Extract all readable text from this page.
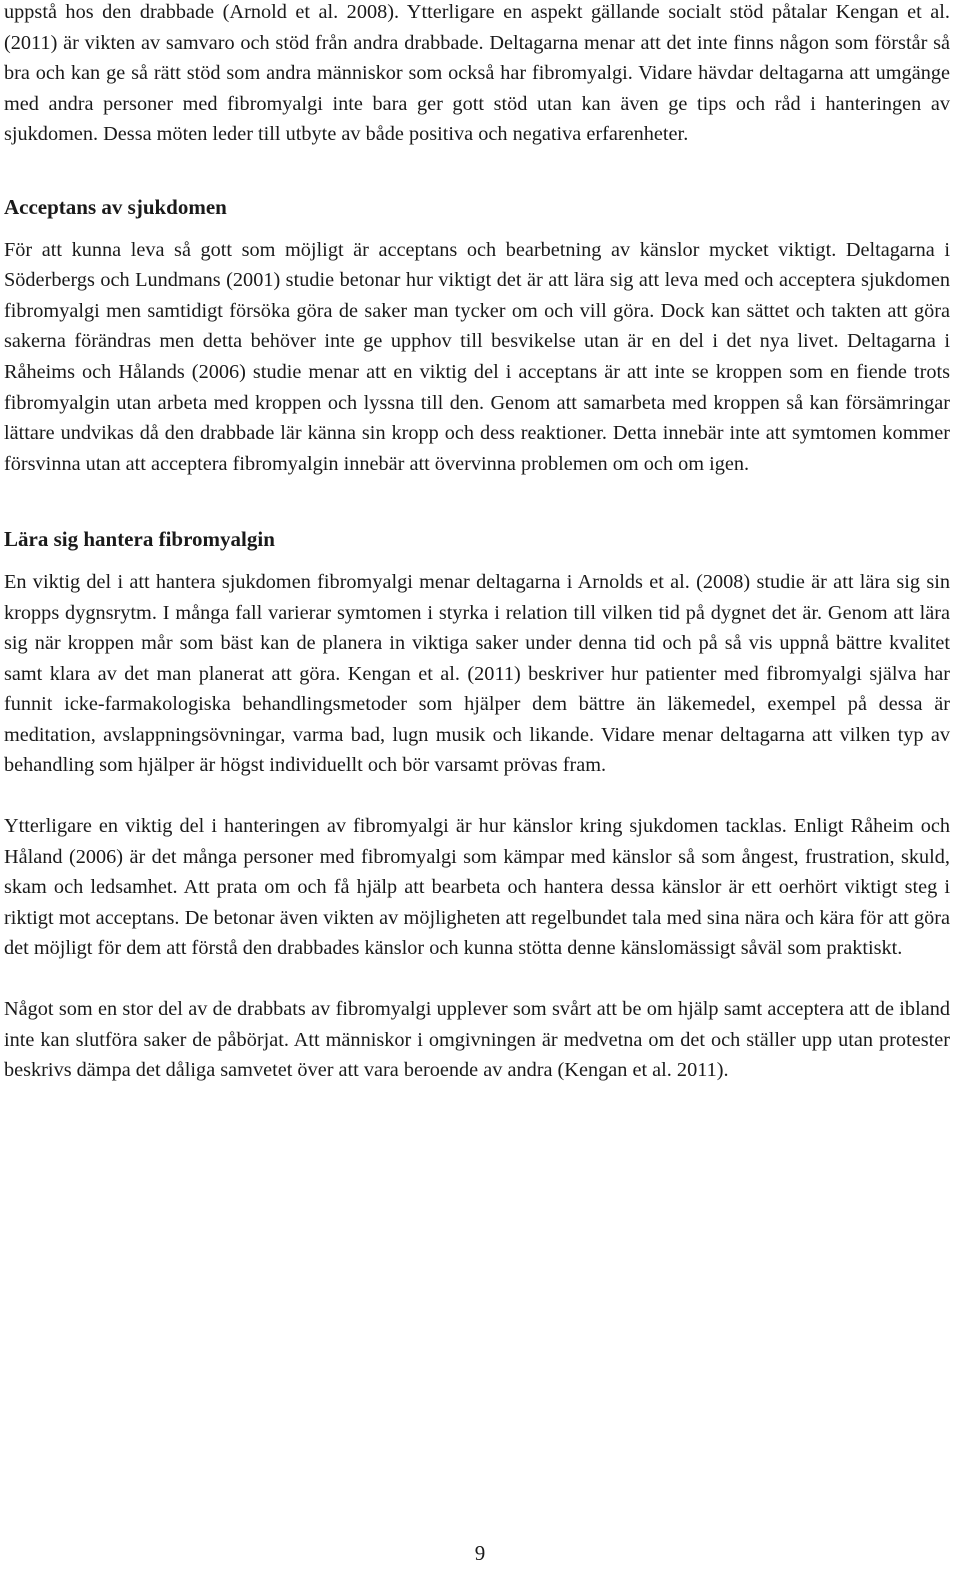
uppstå hos den drabbade (Arnold et al. 2008). Ytterligare en aspekt gällande socialt stöd påtalar Kengan et al. (2011) är vikten av samvaro och stöd från andra drabbade. Deltagarna menar att det inte finns någon som förstår så bra och kan ge så rätt stöd som andra människor som också har fibromyalgi. Vidare hävdar deltagarna att umgänge med andra personer med fibromyalgi inte bara ger gott stöd utan kan även ge tips och råd i hanteringen av sjukdomen. Dessa möten leder till utbyte av både positiva och negativa erfarenheter.

Acceptans av sjukdomen

För att kunna leva så gott som möjligt är acceptans och bearbetning av känslor mycket viktigt. Deltagarna i Söderbergs och Lundmans (2001) studie betonar hur viktigt det är att lära sig att leva med och acceptera sjukdomen fibromyalgi men samtidigt försöka göra de saker man tycker om och vill göra. Dock kan sättet och takten att göra sakerna förändras men detta behöver inte ge upphov till besvikelse utan är en del i det nya livet. Deltagarna i Råheims och Hålands (2006) studie menar att en viktig del i acceptans är att inte se kroppen som en fiende trots fibromyalgin utan arbeta med kroppen och lyssna till den. Genom att samarbeta med kroppen så kan försämringar lättare undvikas då den drabbade lär känna sin kropp och dess reaktioner. Detta innebär inte att symtomen kommer försvinna utan att acceptera fibromyalgin innebär att övervinna problemen om och om igen.

Lära sig hantera fibromyalgin

En viktig del i att hantera sjukdomen fibromyalgi menar deltagarna i Arnolds et al. (2008) studie är att lära sig sin kropps dygnsrytm. I många fall varierar symtomen i styrka i relation till vilken tid på dygnet det är. Genom att lära sig när kroppen mår som bäst kan de planera in viktiga saker under denna tid och på så vis uppnå bättre kvalitet samt klara av det man planerat att göra. Kengan et al. (2011) beskriver hur patienter med fibromyalgi själva har funnit icke-farmakologiska behandlingsmetoder som hjälper dem bättre än läkemedel, exempel på dessa är meditation, avslappningsövningar, varma bad, lugn musik och likande. Vidare menar deltagarna att vilken typ av behandling som hjälper är högst individuellt och bör varsamt prövas fram.

Ytterligare en viktig del i hanteringen av fibromyalgi är hur känslor kring sjukdomen tacklas. Enligt Råheim och Håland (2006) är det många personer med fibromyalgi som kämpar med känslor så som ångest, frustration, skuld, skam och ledsamhet. Att prata om och få hjälp att bearbeta och hantera dessa känslor är ett oerhört viktigt steg i riktigt mot acceptans. De betonar även vikten av möjligheten att regelbundet tala med sina nära och kära för att göra det möjligt för dem att förstå den drabbades känslor och kunna stötta denne känslomässigt såväl som praktiskt.

Något som en stor del av de drabbats av fibromyalgi upplever som svårt att be om hjälp samt acceptera att de ibland inte kan slutföra saker de påbörjat. Att människor i omgivningen är medvetna om det och ställer upp utan protester beskrivs dämpa det dåliga samvetet över att vara beroende av andra (Kengan et al. 2011).

9
